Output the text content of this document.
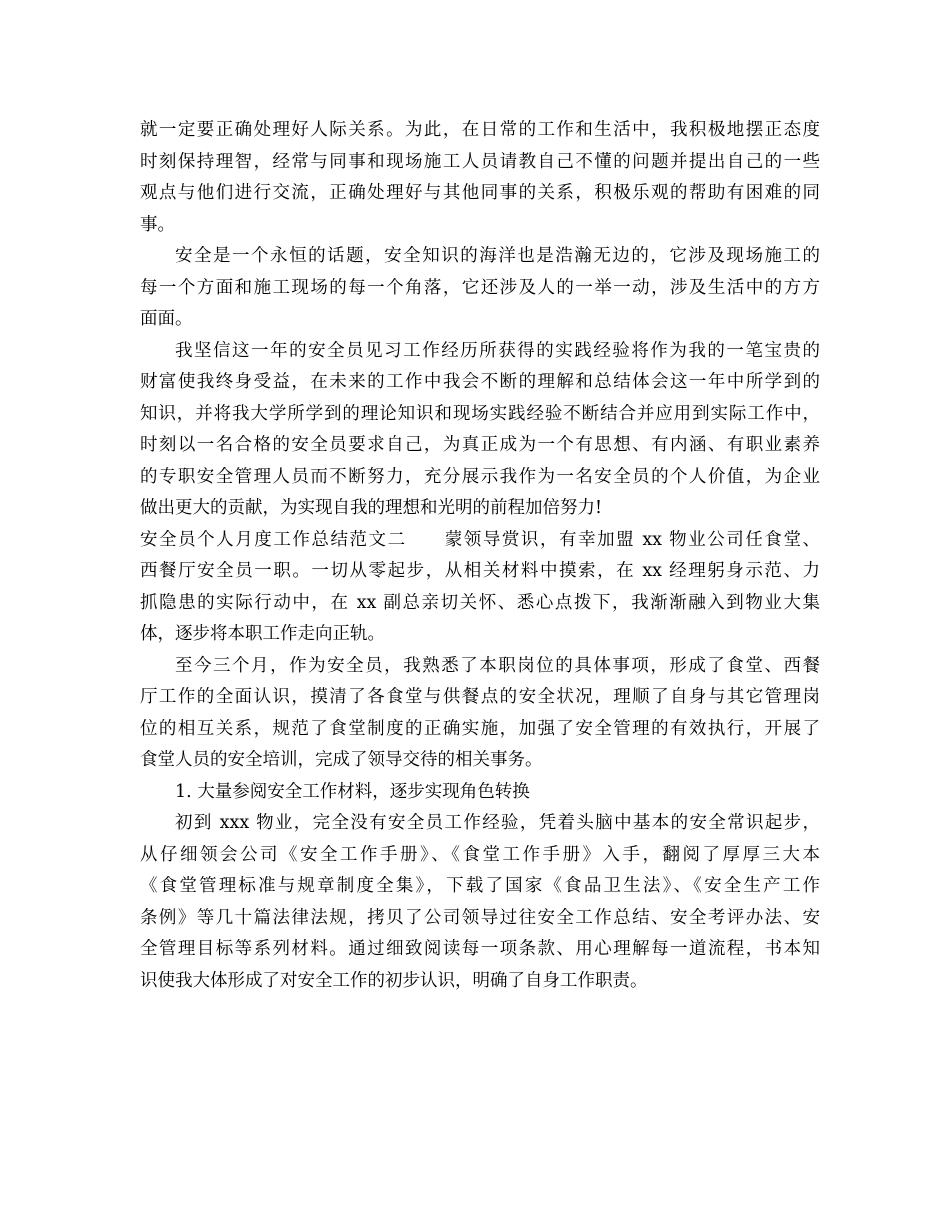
就一定要正确处理好人际关系。为此，在日常的工作和生活中，我积极地摆正态度
时刻保持理智，经常与同事和现场施工人员请教自己不懂的问题并提出自己的一些
观点与他们进行交流，正确处理好与其他同事的关系，积极乐观的帮助有困难的同
事。
安全是一个永恒的话题，安全知识的海洋也是浩瀚无边的，它涉及现场施工的
每一个方面和施工现场的每一个角落，它还涉及人的一举一动，涉及生活中的方方
面面。
我坚信这一年的安全员见习工作经历所获得的实践经验将作为我的一笔宝贵的
财富使我终身受益，在未来的工作中我会不断的理解和总结体会这一年中所学到的
知识，并将我大学所学到的理论知识和现场实践经验不断结合并应用到实际工作中，
时刻以一名合格的安全员要求自己，为真正成为一个有思想、有内涵、有职业素养
的专职安全管理人员而不断努力，充分展示我作为一名安全员的个人价值，为企业
做出更大的贡献，为实现自我的理想和光明的前程加倍努力!
安全员个人月度工作总结范文二　　蒙领导赏识，有幸加盟 xx 物业公司任食堂、
西餐厅安全员一职。一切从零起步，从相关材料中摸索，在 xx 经理躬身示范、力
抓隐患的实际行动中，在 xx 副总亲切关怀、悉心点拨下，我渐渐融入到物业大集
体，逐步将本职工作走向正轨。
至今三个月，作为安全员，我熟悉了本职岗位的具体事项，形成了食堂、西餐
厅工作的全面认识，摸清了各食堂与供餐点的安全状况，理顺了自身与其它管理岗
位的相互关系，规范了食堂制度的正确实施，加强了安全管理的有效执行，开展了
食堂人员的安全培训，完成了领导交待的相关事务。
1. 大量参阅安全工作材料，逐步实现角色转换
初到 xxx 物业，完全没有安全员工作经验，凭着头脑中基本的安全常识起步，
从仔细领会公司《安全工作手册》、《食堂工作手册》入手，翻阅了厚厚三大本
《食堂管理标准与规章制度全集》，下载了国家《食品卫生法》、《安全生产工作
条例》等几十篇法律法规，拷贝了公司领导过往安全工作总结、安全考评办法、安
全管理目标等系列材料。通过细致阅读每一项条款、用心理解每一道流程，书本知
识使我大体形成了对安全工作的初步认识，明确了自身工作职责。
